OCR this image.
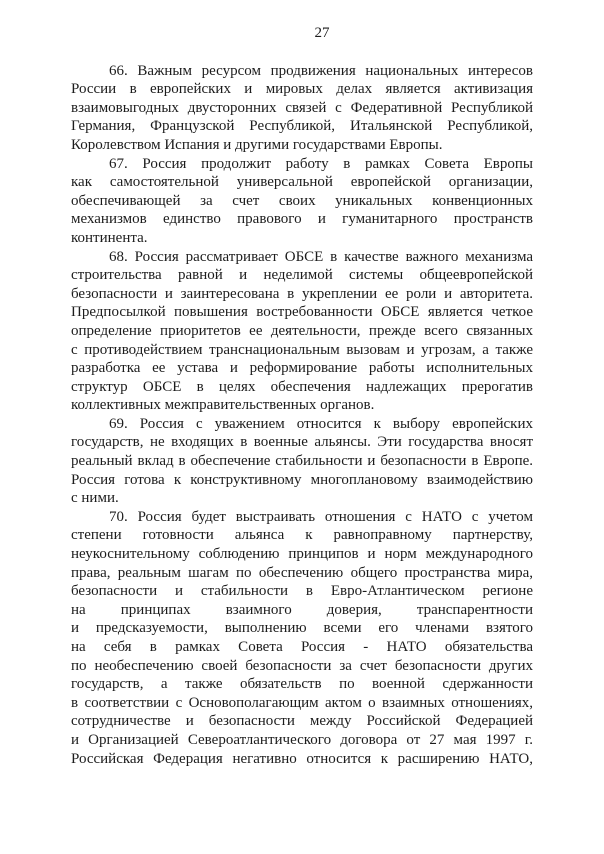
27
66. Важным ресурсом продвижения национальных интересов
России в европейских и мировых делах является активизация
взаимовыгодных двусторонних связей с Федеративной Республикой
Германия, Французской Республикой, Итальянской Республикой,
Королевством Испания и другими государствами Европы.
67. Россия продолжит работу в рамках Совета Европы
как самостоятельной универсальной европейской организации,
обеспечивающей за счет своих уникальных конвенционных
механизмов единство правового и гуманитарного пространств
континента.
68. Россия рассматривает ОБСЕ в качестве важного механизма
строительства равной и неделимой системы общеевропейской
безопасности и заинтересована в укреплении ее роли и авторитета.
Предпосылкой повышения востребованности ОБСЕ является четкое
определение приоритетов ее деятельности, прежде всего связанных
с противодействием транснациональным вызовам и угрозам, а также
разработка ее устава и реформирование работы исполнительных
структур ОБСЕ в целях обеспечения надлежащих прерогатив
коллективных межправительственных органов.
69. Россия с уважением относится к выбору европейских
государств, не входящих в военные альянсы. Эти государства вносят
реальный вклад в обеспечение стабильности и безопасности в Европе.
Россия готова к конструктивному многоплановому взаимодействию
с ними.
70. Россия будет выстраивать отношения с НАТО с учетом
степени готовности альянса к равноправному партнерству,
неукоснительному соблюдению принципов и норм международного
права, реальным шагам по обеспечению общего пространства мира,
безопасности и стабильности в Евро-Атлантическом регионе
на принципах взаимного доверия, транспарентности
и предсказуемости, выполнению всеми его членами взятого
на себя в рамках Совета Россия - НАТО обязательства
по необеспечению своей безопасности за счет безопасности других
государств, а также обязательств по военной сдержанности
в соответствии с Основополагающим актом о взаимных отношениях,
сотрудничестве и безопасности между Российской Федерацией
и Организацией Североатлантического договора от 27 мая 1997 г.
Российская Федерация негативно относится к расширению НАТО,
